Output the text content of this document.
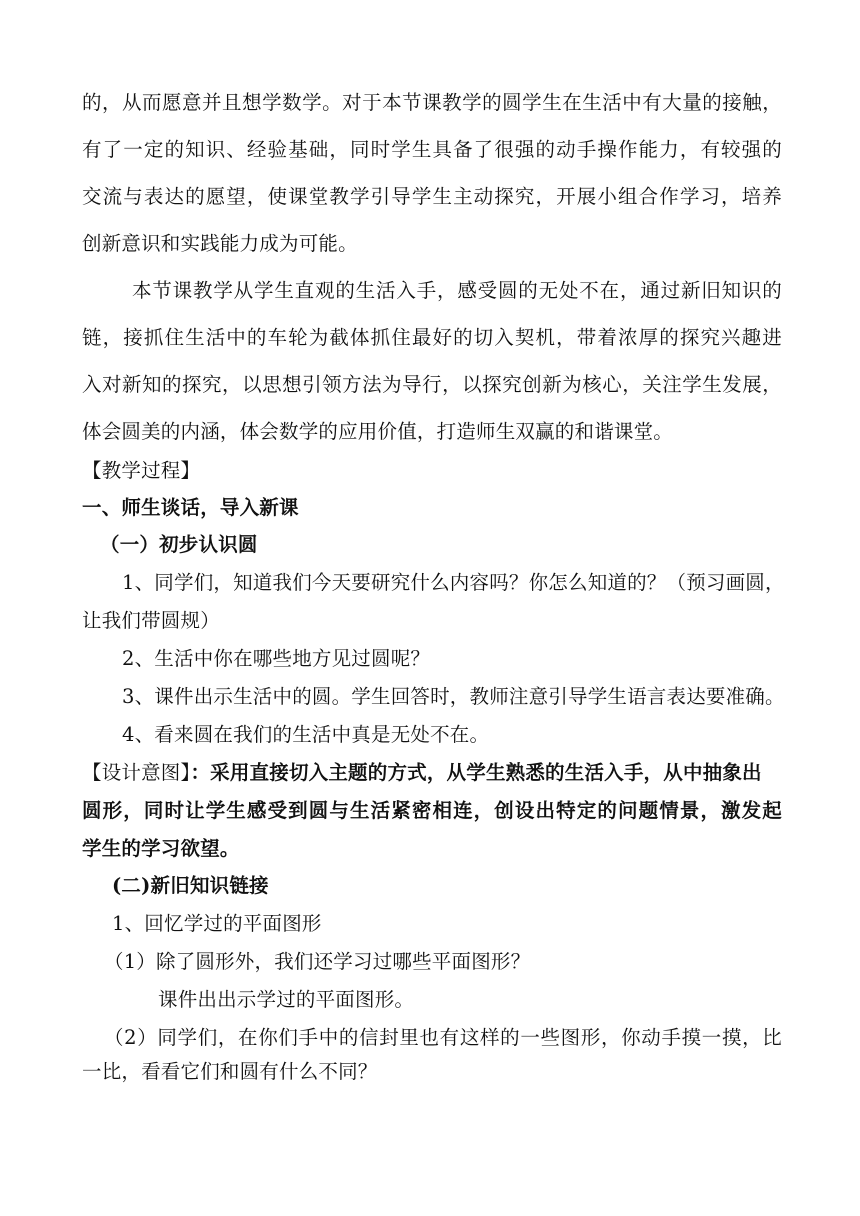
的，从而愿意并且想学数学。对于本节课教学的圆学生在生活中有大量的接触，
有了一定的知识、经验基础，同时学生具备了很强的动手操作能力，有较强的
交流与表达的愿望，使课堂教学引导学生主动探究，开展小组合作学习，培养
创新意识和实践能力成为可能。
本节课教学从学生直观的生活入手，感受圆的无处不在，通过新旧知识的
链，接抓住生活中的车轮为截体抓住最好的切入契机，带着浓厚的探究兴趣进
入对新知的探究，以思想引领方法为导行，以探究创新为核心，关注学生发展，
体会圆美的内涵，体会数学的应用价值，打造师生双赢的和谐课堂。
【教学过程】
一、师生谈话，导入新课
（一）初步认识圆
1、同学们，知道我们今天要研究什么内容吗？你怎么知道的？（预习画圆，
让我们带圆规）
2、生活中你在哪些地方见过圆呢？
3、课件出示生活中的圆。学生回答时，教师注意引导学生语言表达要准确。
4、看来圆在我们的生活中真是无处不在。
【设计意图】：采用直接切入主题的方式，从学生熟悉的生活入手，从中抽象出
圆形，同时让学生感受到圆与生活紧密相连，创设出特定的问题情景，激发起
学生的学习欲望。
(二)新旧知识链接
1、回忆学过的平面图形
（1）除了圆形外，我们还学习过哪些平面图形？
课件出出示学过的平面图形。
（2）同学们，在你们手中的信封里也有这样的一些图形，你动手摸一摸，比
一比，看看它们和圆有什么不同？
